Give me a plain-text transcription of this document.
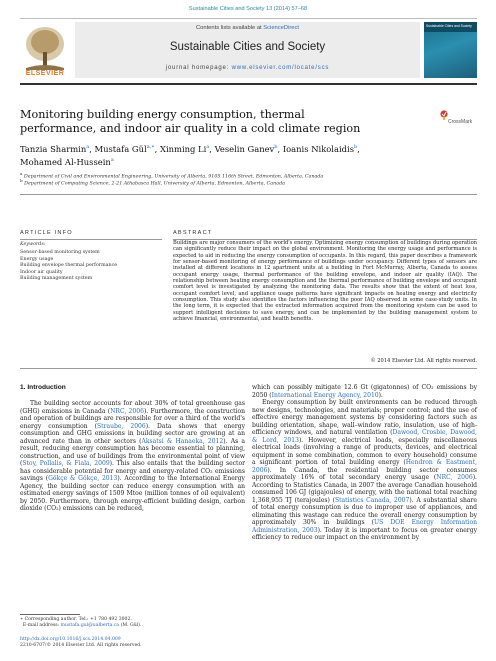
Sustainable Cities and Society 13 (2014) 57–68
ELSEVIER
Contents lists available at ScienceDirect
Sustainable Cities and Society
journal homepage: www.elsevier.com/locate/scs
Sustainable Cities and Society
Monitoring building energy consumption, thermal performance, and indoor air quality in a cold climate region	CrossMark
Tanzia Sharmin$^a$, Mustafa Gül$^{a,∗}$, Xinming Li$^a$, Veselin Ganev$^b$, Ioanis Nikolaidis$^b$,
Mohamed Al-Hussein$^a$
$^a$ Department of Civil and Environmental Engineering, University of Alberta, 9105 116th Street, Edmonton, Alberta, Canada
$^b$ Department of Computing Science, 2-21 Athabasca Hall, University of Alberta, Edmonton, Alberta, Canada
ARTICLE INFO
Keywords:
Sensor-based monitoring system
Energy usage
Building envelope thermal performance
Indoor air quality
Building management system
ABSTRACT
Buildings are major consumers of the world's energy. Optimizing energy consumption of buildings during operation can significantly reduce their impact on the global environment. Monitoring the energy usage and performance is expected to aid in reducing the energy consumption of occupants. In this regard, this paper describes a framework for sensor-based monitoring of energy performance of buildings under occupancy. Different types of sensors are installed at different locations in 12 apartment units at a building in Fort McMurray, Alberta, Canada to assess occupant energy usage, thermal performance of the building envelope, and indoor air quality (IAQ). The relationship between heating energy consumption and the thermal performance of building envelope and occupant comfort level is investigated by analyzing the monitoring data. The results show that the extent of heat loss, occupant comfort level, and appliance usage patterns have significant impacts on heating energy and electricity consumption. This study also identifies the factors influencing the poor IAQ observed in some case-study units. In the long term, it is expected that the extracted information acquired from the monitoring system can be used to support intelligent decisions to save energy, and can be implemented by the building management system to achieve financial, environmental, and health benefits.
© 2014 Elsevier Ltd. All rights reserved.
1. Introduction

The building sector accounts for about 30% of total greenhouse gas (GHG) emissions in Canada (NRC, 2006). Furthermore, the construction and operation of buildings are responsible for over a third of the world's energy consumption (Straube, 2006). Data shows that energy consumption and GHG emissions in building sector are growing at an advanced rate than in other sectors (Aksatsi & Hanaeka, 2012). As a result, reducing energy consumption has become essential to planning, construction, and use of buildings from the environmental point of view (Stoy, Pollalis, & Fiala, 2009). This also entails that the building sector has considerable potential for energy and energy-related CO₂ emissions savings (Gökçe & Gökçe, 2013). According to the International Energy Agency, the building sector can reduce energy consumption with an estimated energy savings of 1509 Mtoe (million tonnes of oil equivalent) by 2050. Furthermore, through energy-efficient building design, carbon dioxide (CO₂) emissions can be reduced,

which can possibly mitigate 12.6 Gt (gigatonnes) of CO₂ emissions by 2050 (International Energy Agency, 2010).

Energy consumption by built environments can be reduced through new designs, technologies, and materials; proper control; and the use of effective energy management systems by considering factors such as building orientation, shape, wall–window ratio, insulation, use of high-efficiency windows, and natural ventilation (Dawood, Crosbie, Dawood, & Lord, 2013). However, electrical loads, especially miscellaneous electrical loads (involving a range of products, devices, and electrical equipment in some combination, common to every household) consume a significant portion of total building energy (Hendron & Eastment, 2006). In Canada, the residential building sector consumes approximately 16% of total secondary energy usage (NRC, 2006). According to Statistics Canada, in 2007 the average Canadian household consumed 106 GJ (gigajoules) of energy, with the national total reaching 1,368,955 TJ (terajoules) (Statistics Canada, 2007). A substantial share of total energy consumption is due to improper use of appliances, and eliminating this wastage can reduce the overall energy consumption by approximately 30% in buildings (US DOE Energy Information Administration, 2003). Today it is important to focus on greater energy efficiency to reduce our impact on the environment by

∗ Corresponding author. Tel.: +1 780 492 3002.
E-mail address: mustafa.gul@ualberta.ca (M. Gül).
http://dx.doi.org/10.1016/j.scs.2014.04.009
2210-6707/© 2014 Elsevier Ltd. All rights reserved.
